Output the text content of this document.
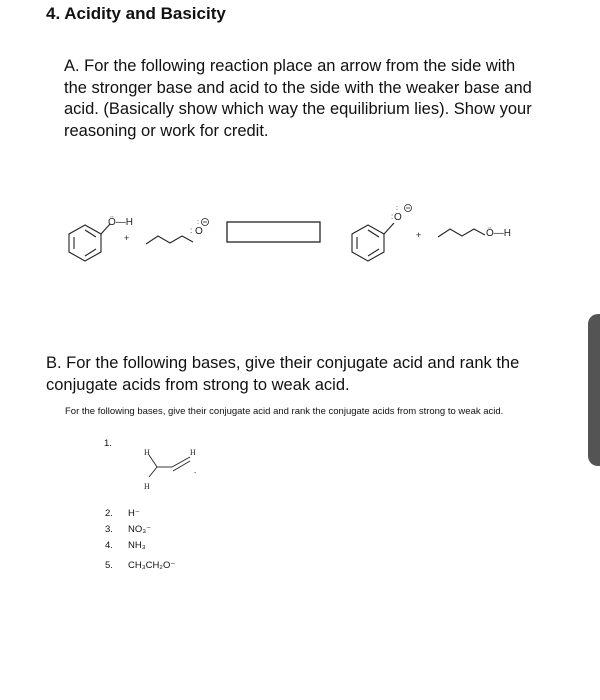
4. Acidity and Basicity

A. For the following reaction place an arrow from the side with the stronger base and acid to the side with the weaker base and acid. (Basically show which way the equilibrium lies). Show your reasoning or work for credit.

Ö—H
+
O
:
:
O
:
:
+	Ö—H
H	H
H
-

B. For the following bases, give their conjugate acid and rank the conjugate acids from strong to weak acid.

For the following bases, give their conjugate acid and rank the conjugate acids from strong to weak acid.
1.
2. H⁻
3. NO₃⁻
4. NH₃
5. CH₃CH₂O⁻
